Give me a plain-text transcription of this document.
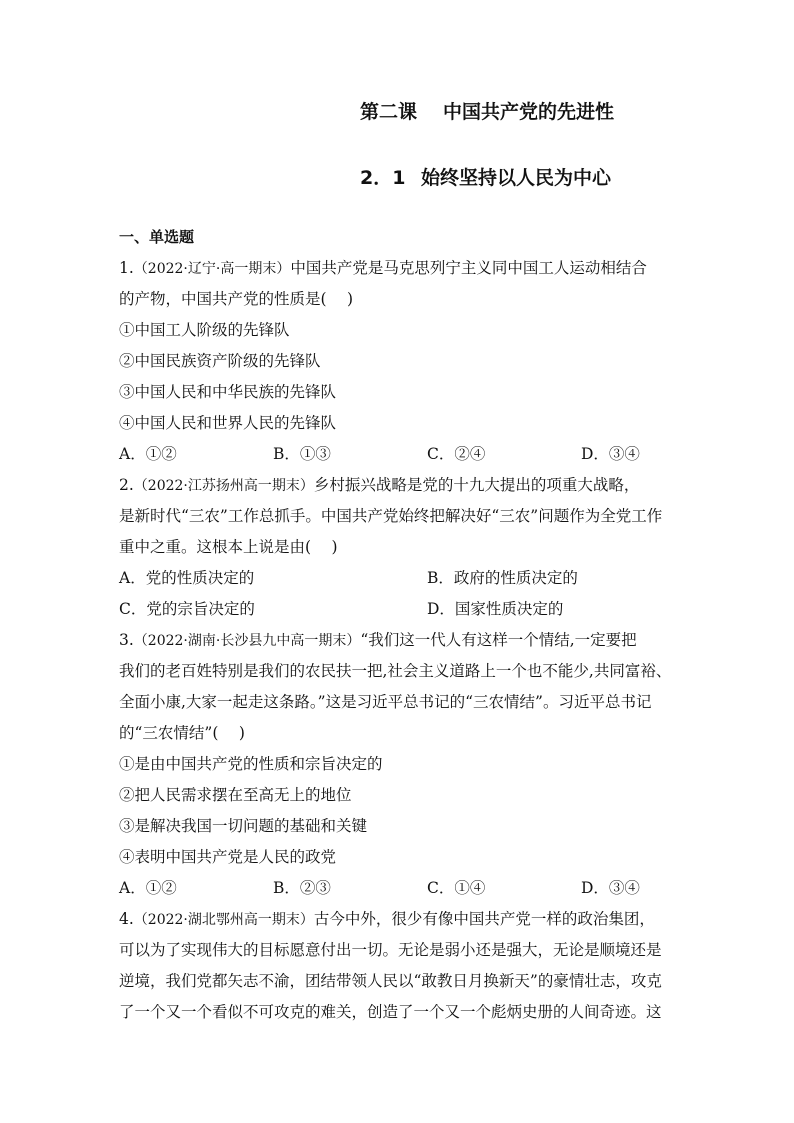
第二课 中国共产党的先进性
2．1 始终坚持以人民为中心
一、单选题
1.（2022·辽宁·高一期末）中国共产党是马克思列宁主义同中国工人运动相结合
的产物，中国共产党的性质是(　 )
①中国工人阶级的先锋队
②中国民族资产阶级的先锋队
③中国人民和中华民族的先锋队
④中国人民和世界人民的先锋队
A．①②	B．①③	C．②④	D．③④
2.（2022·江苏扬州高一期末）乡村振兴战略是党的十九大提出的项重大战略，
是新时代“三农”工作总抓手。中国共产党始终把解决好“三农”问题作为全党工作
重中之重。这根本上说是由(　 )
A．党的性质决定的	B．政府的性质决定的
C．党的宗旨决定的	D．国家性质决定的
3.（2022·湖南·长沙县九中高一期末）“我们这一代人有这样一个情结,一定要把
我们的老百姓特别是我们的农民扶一把,社会主义道路上一个也不能少,共同富裕、
全面小康,大家一起走这条路。”这是习近平总书记的“三农情结”。习近平总书记
的“三农情结”(　 )
①是由中国共产党的性质和宗旨决定的
②把人民需求摆在至高无上的地位
③是解决我国一切问题的基础和关键
④表明中国共产党是人民的政党
A．①②	B．②③	C．①④	D．③④
4.（2022·湖北鄂州高一期末）古今中外，很少有像中国共产党一样的政治集团，
可以为了实现伟大的目标愿意付出一切。无论是弱小还是强大，无论是顺境还是
逆境，我们党都矢志不渝，团结带领人民以“敢教日月换新天”的豪情壮志，攻克
了一个又一个看似不可攻克的难关，创造了一个又一个彪炳史册的人间奇迹。这
